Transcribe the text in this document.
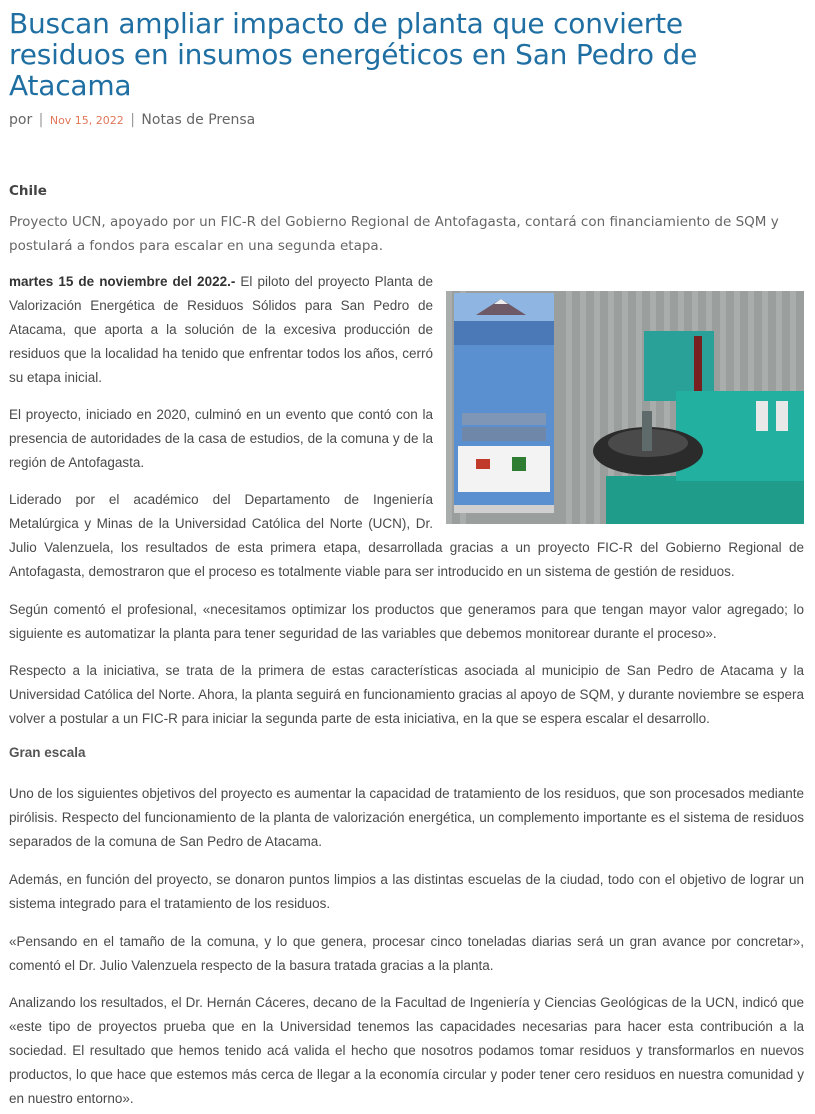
Buscan ampliar impacto de planta que convierte residuos en insumos energéticos en San Pedro de Atacama
por | Nov 15, 2022 | Notas de Prensa
Chile
Proyecto UCN, apoyado por un FIC-R del Gobierno Regional de Antofagasta, contará con financiamiento de SQM y postulará a fondos para escalar en una segunda etapa.

martes 15 de noviembre del 2022.- El piloto del proyecto Planta de Valorización Energética de Residuos Sólidos para San Pedro de Atacama, que aporta a la solución de la excesiva producción de residuos que la localidad ha tenido que enfrentar todos los años, cerró su etapa inicial.

El proyecto, iniciado en 2020, culminó en un evento que contó con la presencia de autoridades de la casa de estudios, de la comuna y de la región de Antofagasta.

Liderado por el académico del Departamento de Ingeniería
Metalúrgica y Minas de la Universidad Católica del Norte (UCN), Dr.
Julio Valenzuela, los resultados de esta primera etapa, desarrollada gracias a un proyecto FIC-R del Gobierno Regional de Antofagasta, demostraron que el proceso es totalmente viable para ser introducido en un sistema de gestión de residuos.

Según comentó el profesional, «necesitamos optimizar los productos que generamos para que tengan mayor valor agregado; lo siguiente es automatizar la planta para tener seguridad de las variables que debemos monitorear durante el proceso».

Respecto a la iniciativa, se trata de la primera de estas características asociada al municipio de San Pedro de Atacama y la Universidad Católica del Norte. Ahora, la planta seguirá en funcionamiento gracias al apoyo de SQM, y durante noviembre se espera volver a postular a un FIC-R para iniciar la segunda parte de esta iniciativa, en la que se espera escalar el desarrollo.

Gran escala

Uno de los siguientes objetivos del proyecto es aumentar la capacidad de tratamiento de los residuos, que son procesados mediante pirólisis. Respecto del funcionamiento de la planta de valorización energética, un complemento importante es el sistema de residuos separados de la comuna de San Pedro de Atacama.

Además, en función del proyecto, se donaron puntos limpios a las distintas escuelas de la ciudad, todo con el objetivo de lograr un sistema integrado para el tratamiento de los residuos.

«Pensando en el tamaño de la comuna, y lo que genera, procesar cinco toneladas diarias será un gran avance por concretar», comentó el Dr. Julio Valenzuela respecto de la basura tratada gracias a la planta.

Analizando los resultados, el Dr. Hernán Cáceres, decano de la Facultad de Ingeniería y Ciencias Geológicas de la UCN, indicó que «este tipo de proyectos prueba que en la Universidad tenemos las capacidades necesarias para hacer esta contribución a la sociedad. El resultado que hemos tenido acá valida el hecho que nosotros podamos tomar residuos y transformarlos en nuevos productos, lo que hace que estemos más cerca de llegar a la economía circular y poder tener cero residuos en nuestra comunidad y en nuestro entorno».
